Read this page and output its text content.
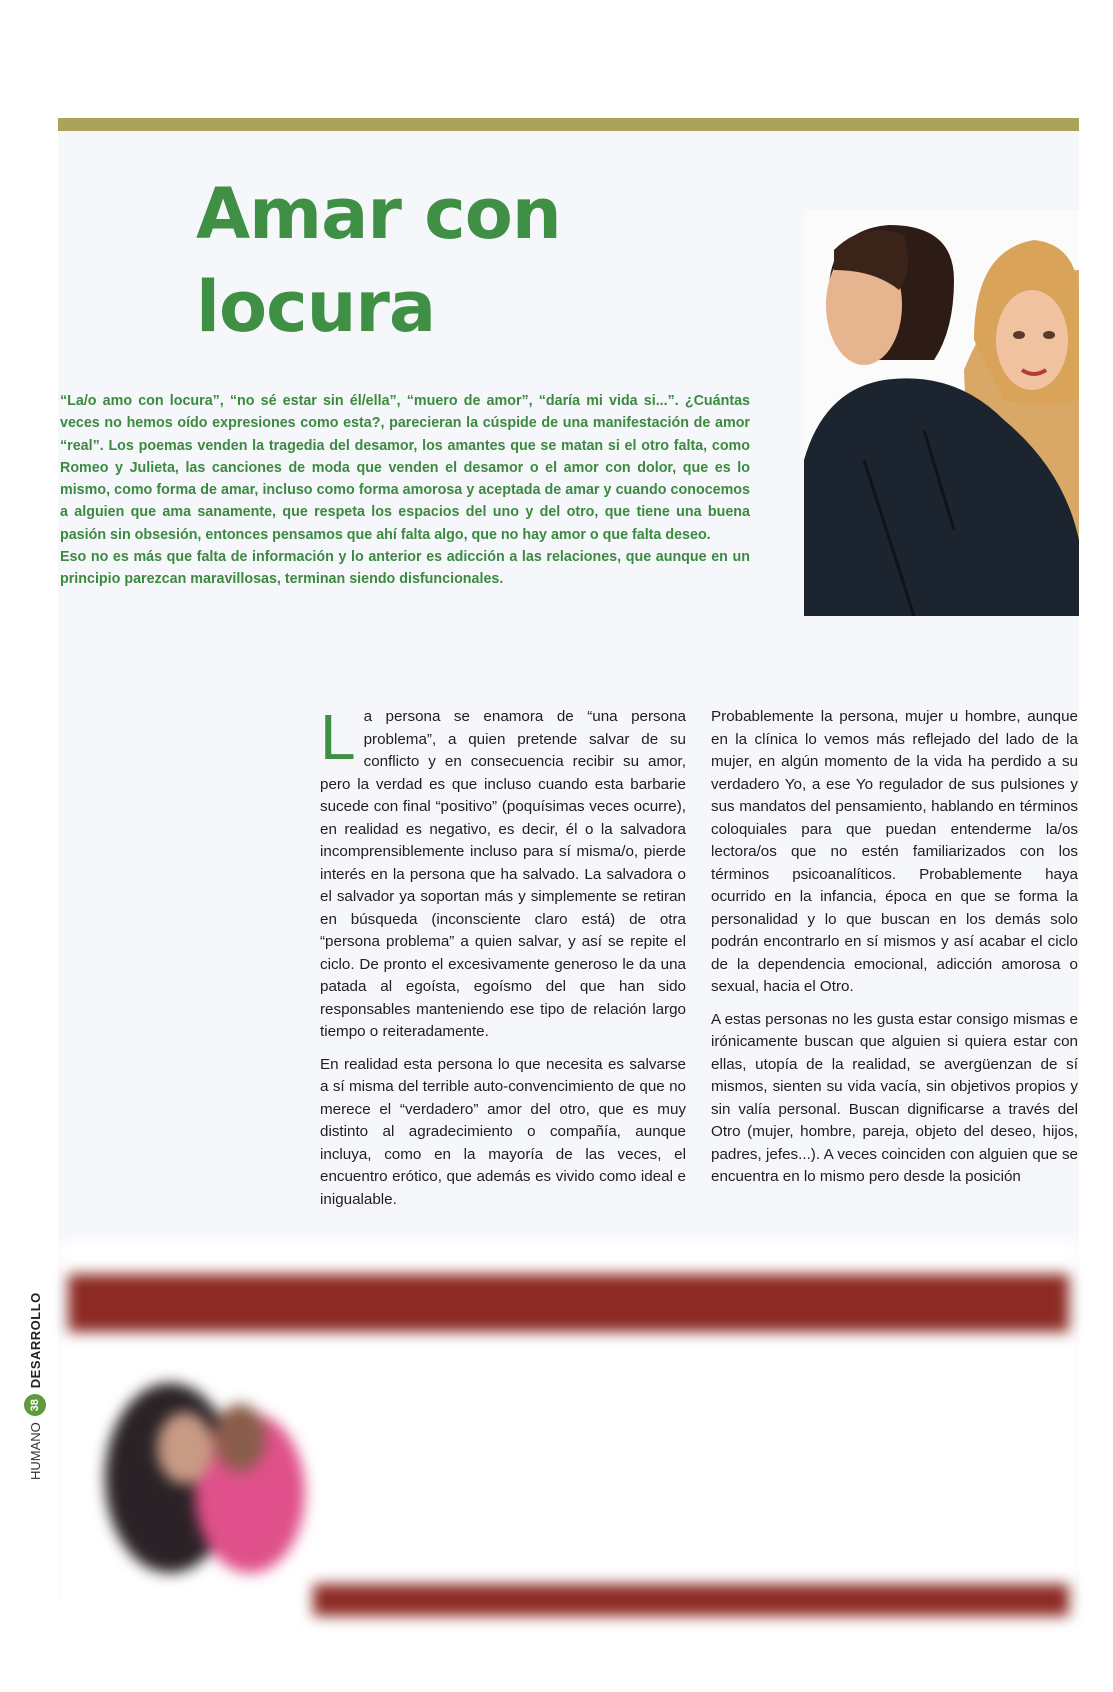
Amar con locura

“La/o amo con locura”, “no sé estar sin él/ella”, “muero de amor”, “daría mi vida si...”. ¿Cuántas veces no hemos oído expresiones como esta?, parecieran la cúspide de una manifestación de amor “real”. Los poemas venden la tragedia del desamor, los amantes que se matan si el otro falta, como Romeo y Julieta, las canciones de moda que venden el desamor o el amor con dolor, que es lo mismo, como forma de amar, incluso como forma amorosa y aceptada de amar y cuando conocemos a alguien que ama sanamente, que respeta los espacios del uno y del otro, que tiene una buena pasión sin obsesión, entonces pensamos que ahí falta algo, que no hay amor o que falta deseo.

Eso no es más que falta de información y lo anterior es adicción a las relaciones, que aunque en un principio parezcan maravillosas, terminan siendo disfuncionales.

La persona se enamora de “una persona problema”, a quien pretende salvar de su conflicto y en consecuencia recibir su amor, pero la verdad es que incluso cuando esta barbarie sucede con final “positivo” (poquísimas veces ocurre), en realidad es negativo, es decir, él o la salvadora incomprensiblemente incluso para sí misma/o, pierde interés en la persona que ha salvado. La salvadora o el salvador ya soportan más y simplemente se retiran en búsqueda (inconsciente claro está) de otra “persona problema” a quien salvar, y así se repite el ciclo. De pronto el excesivamente generoso le da una patada al egoísta, egoísmo del que han sido responsables manteniendo ese tipo de relación largo tiempo o reiteradamente.

En realidad esta persona lo que necesita es salvarse a sí misma del terrible auto-convencimiento de que no merece el “verdadero” amor del otro, que es muy distinto al agradecimiento o compañía, aunque incluya, como en la mayoría de las veces, el encuentro erótico, que además es vivido como ideal e inigualable.

Probablemente la persona, mujer u hombre, aunque en la clínica lo vemos más reflejado del lado de la mujer, en algún momento de la vida ha perdido a su verdadero Yo, a ese Yo regulador de sus pulsiones y sus mandatos del pensamiento, hablando en términos coloquiales para que puedan entenderme la/os lectora/os que no estén familiarizados con los términos psicoanalíticos. Probablemente haya ocurrido en la infancia, época en que se forma la personalidad y lo que buscan en los demás solo podrán encontrarlo en sí mismos y así acabar el ciclo de la dependencia emocional, adicción amorosa o sexual, hacia el Otro.

A estas personas no les gusta estar consigo mismas e irónicamente buscan que alguien si quiera estar con ellas, utopía de la realidad, se avergüenzan de sí mismos, sienten su vida vacía, sin objetivos propios y sin valía personal. Buscan dignificarse a través del Otro (mujer, hombre, pareja, objeto del deseo, hijos, padres, jefes...). A veces coinciden con alguien que se encuentra en lo mismo pero desde la posición

HUMANO
38
DESARROLLO
